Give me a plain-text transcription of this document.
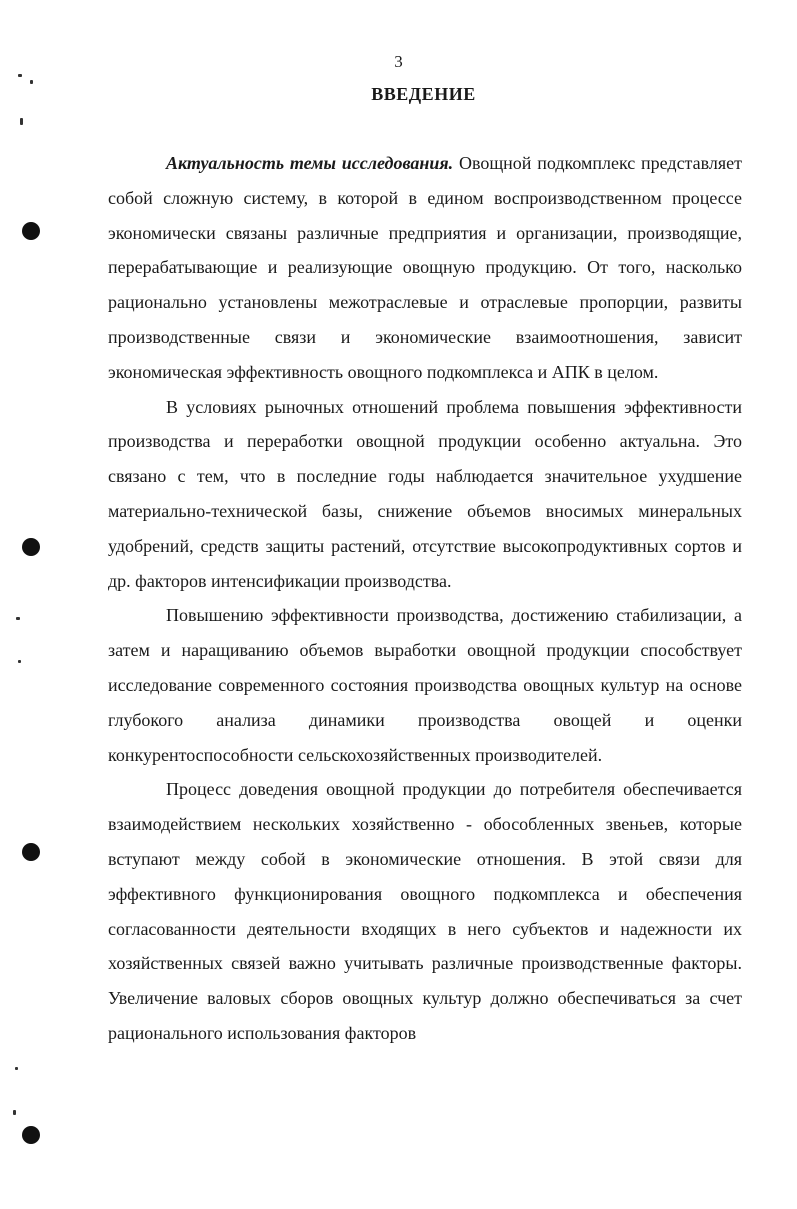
3
ВВЕДЕНИЕ

Актуальность темы исследования. Овощной подкомплекс представляет собой сложную систему, в которой в едином воспроизводственном процессе экономически связаны различные предприятия и организации, производящие, перерабатывающие и реализующие овощную продукцию. От того, насколько рационально установлены межотраслевые и отраслевые пропорции, развиты производственные связи и экономические взаимоотношения, зависит экономическая эффективность овощного подкомплекса и АПК в целом.

В условиях рыночных отношений проблема повышения эффективности производства и переработки овощной продукции особенно актуальна. Это связано с тем, что в последние годы наблюдается значительное ухудшение материально-технической базы, снижение объемов вносимых минеральных удобрений, средств защиты растений, отсутствие высокопродуктивных сортов и др. факторов интенсификации производства.

Повышению эффективности производства, достижению стабилизации, а затем и наращиванию объемов выработки овощной продукции способствует исследование современного состояния производства овощных культур на основе глубокого анализа динамики производства овощей и оценки конкурентоспособности сельскохозяйственных производителей.

Процесс доведения овощной продукции до потребителя обеспечивается взаимодействием нескольких хозяйственно - обособленных звеньев, которые вступают между собой в экономические отношения. В этой связи для эффективного функционирования овощного подкомплекса и обеспечения согласованности деятельности входящих в него субъектов и надежности их хозяйственных связей важно учитывать различные производственные факторы. Увеличение валовых сборов овощных культур должно обеспечиваться за счет рационального использования факторов
